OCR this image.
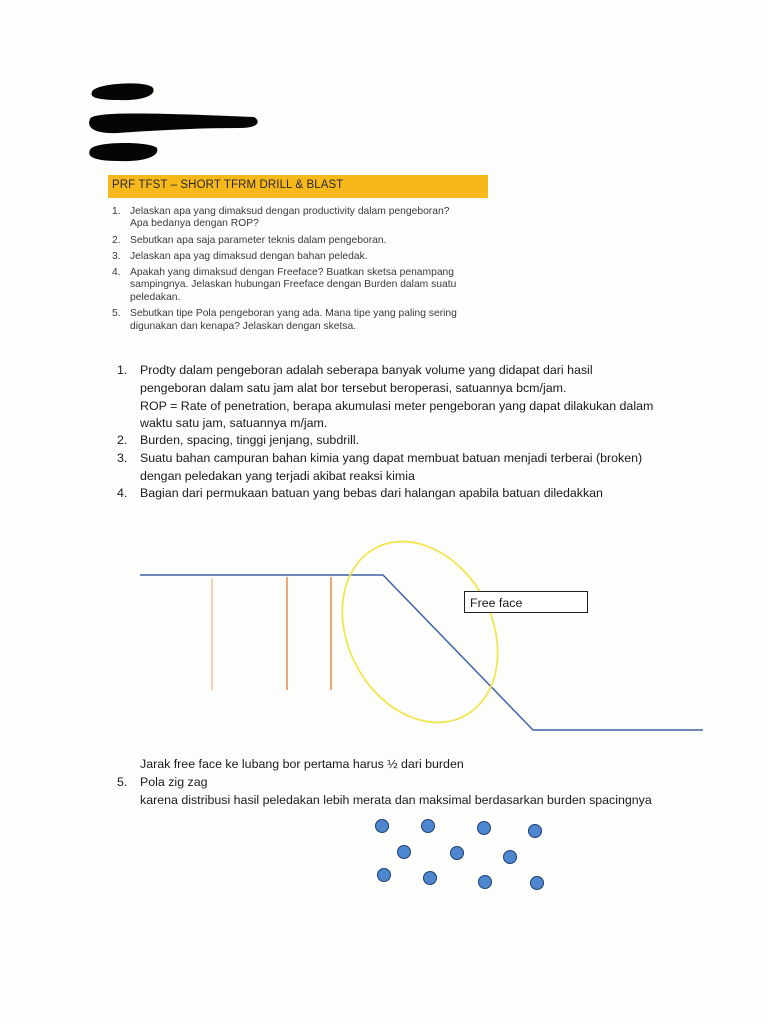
PRF TFST – SHORT TFRM DRILL & BLAST
1. Jelaskan apa yang dimaksud dengan productivity dalam pengeboran?
Apa bedanya dengan ROP?
2. Sebutkan apa saja parameter teknis dalam pengeboran.
3. Jelaskan apa yag dimaksud dengan bahan peledak.
4. Apakah yang dimaksud dengan Freeface? Buatkan sketsa penampang
sampingnya. Jelaskan hubungan Freeface dengan Burden dalam suatu
peledakan.
5. Sebutkan tipe Pola pengeboran yang ada. Mana tipe yang paling sering
digunakan dan kenapa? Jelaskan dengan sketsa.
1. Prodty dalam pengeboran adalah seberapa banyak volume yang didapat dari hasil
pengeboran dalam satu jam alat bor tersebut beroperasi, satuannya bcm/jam.
ROP = Rate of penetration, berapa akumulasi meter pengeboran yang dapat dilakukan dalam
waktu satu jam, satuannya m/jam.
2. Burden, spacing, tinggi jenjang, subdrill.
3. Suatu bahan campuran bahan kimia yang dapat membuat batuan menjadi terberai (broken)
dengan peledakan yang terjadi akibat reaksi kimia
4. Bagian dari permukaan batuan yang bebas dari halangan apabila batuan diledakkan
Free face
Jarak free face ke lubang bor pertama harus ½ dari burden
5. Pola zig zag
karena distribusi hasil peledakan lebih merata dan maksimal berdasarkan burden spacingnya
